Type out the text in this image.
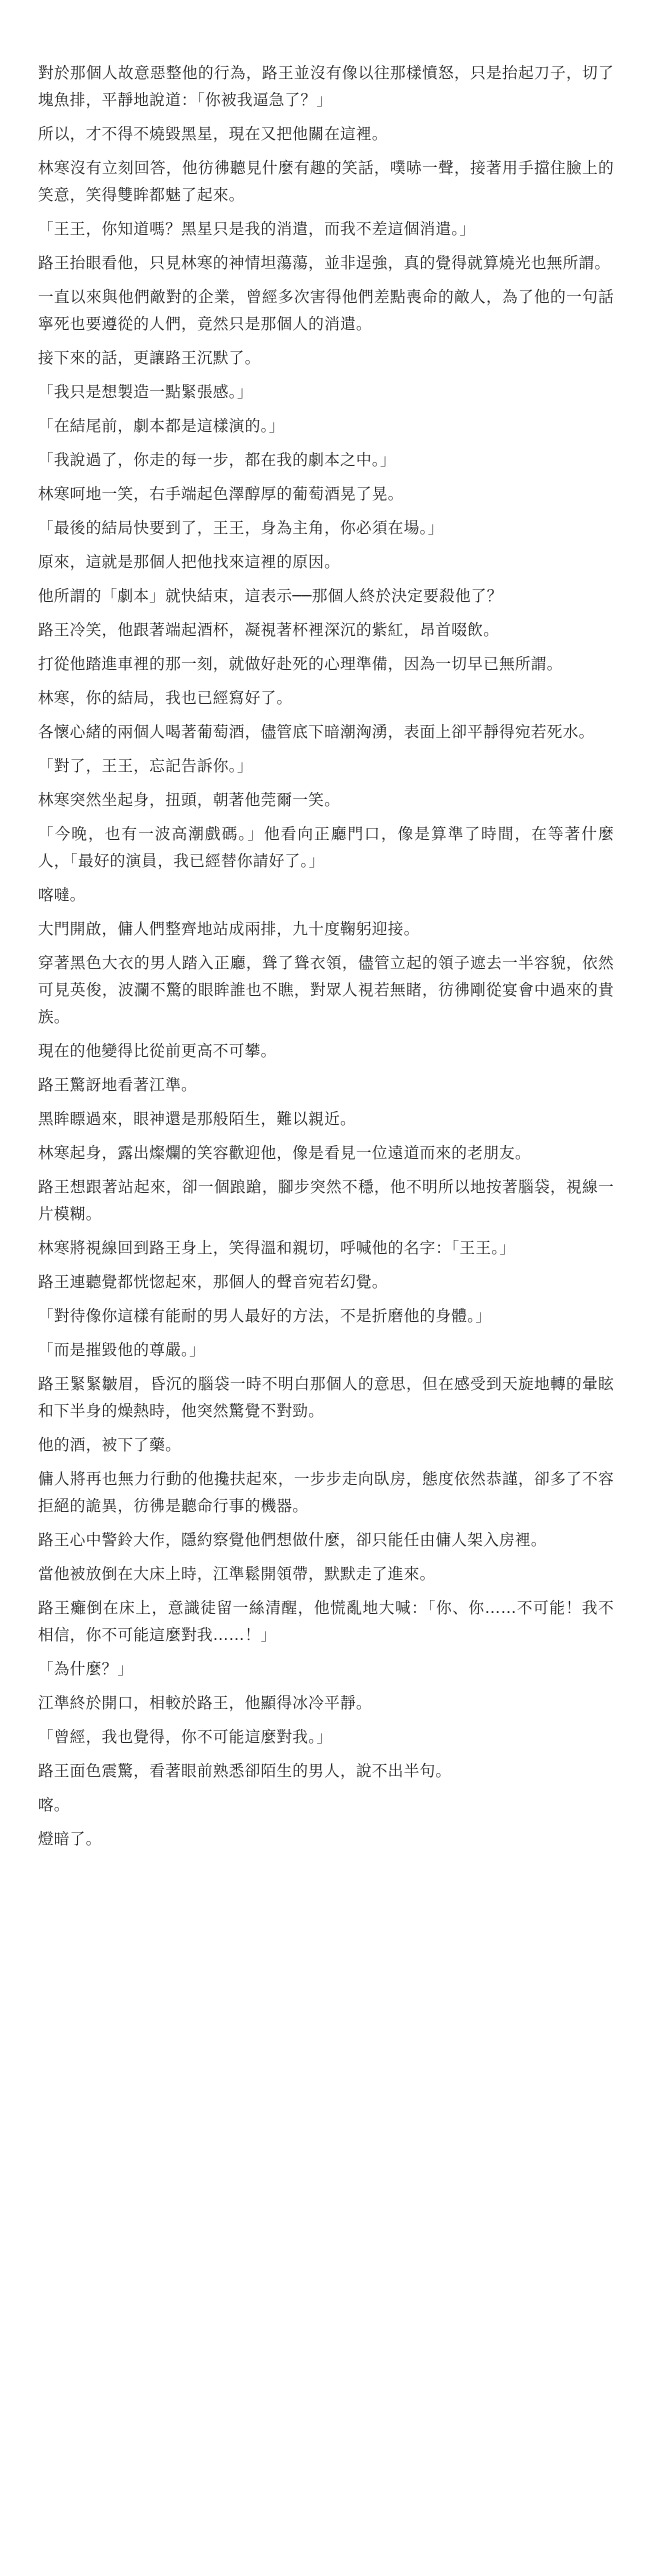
對於那個人故意惡整他的行為，路王並沒有像以往那樣憤怒，只是抬起刀子，切了塊魚排，平靜地說道：「你被我逼急了？」

所以，才不得不燒毀黑星，現在又把他關在這裡。

林寒沒有立刻回答，他彷彿聽見什麼有趣的笑話，噗哧一聲，接著用手擋住臉上的笑意，笑得雙眸都魅了起來。

「王王，你知道嗎？黑星只是我的消遣，而我不差這個消遣。」

路王抬眼看他，只見林寒的神情坦蕩蕩，並非逞強，真的覺得就算燒光也無所謂。

一直以來與他們敵對的企業，曾經多次害得他們差點喪命的敵人，為了他的一句話寧死也要遵從的人們，竟然只是那個人的消遣。

接下來的話，更讓路王沉默了。

「我只是想製造一點緊張感。」

「在結尾前，劇本都是這樣演的。」

「我說過了，你走的每一步，都在我的劇本之中。」

林寒呵地一笑，右手端起色澤醇厚的葡萄酒晃了晃。

「最後的結局快要到了，王王，身為主角，你必須在場。」

原來，這就是那個人把他找來這裡的原因。

他所謂的「劇本」就快結束，這表示──那個人終於決定要殺他了？

路王冷笑，他跟著端起酒杯，凝視著杯裡深沉的紫紅，昂首啜飲。

打從他踏進車裡的那一刻，就做好赴死的心理準備，因為一切早已無所謂。

林寒，你的結局，我也已經寫好了。

各懷心緒的兩個人喝著葡萄酒，儘管底下暗潮洶湧，表面上卻平靜得宛若死水。

「對了，王王，忘記告訴你。」

林寒突然坐起身，扭頭，朝著他莞爾一笑。

「今晚，也有一波高潮戲碼。」他看向正廳門口，像是算準了時間，在等著什麼人，「最好的演員，我已經替你請好了。」

喀噠。

大門開啟，傭人們整齊地站成兩排，九十度鞠躬迎接。

穿著黑色大衣的男人踏入正廳，聳了聳衣領，儘管立起的領子遮去一半容貌，依然可見英俊，波瀾不驚的眼眸誰也不瞧，對眾人視若無睹，彷彿剛從宴會中過來的貴族。

現在的他變得比從前更高不可攀。

路王驚訝地看著江準。

黑眸瞟過來，眼神還是那般陌生，難以親近。

林寒起身，露出燦爛的笑容歡迎他，像是看見一位遠道而來的老朋友。

路王想跟著站起來，卻一個踉蹌，腳步突然不穩，他不明所以地按著腦袋，視線一片模糊。

林寒將視線回到路王身上，笑得溫和親切，呼喊他的名字：「王王。」

路王連聽覺都恍惚起來，那個人的聲音宛若幻覺。

「對待像你這樣有能耐的男人最好的方法，不是折磨他的身體。」

「而是摧毀他的尊嚴。」

路王緊緊皺眉，昏沉的腦袋一時不明白那個人的意思，但在感受到天旋地轉的暈眩和下半身的燥熱時，他突然驚覺不對勁。

他的酒，被下了藥。

傭人將再也無力行動的他攙扶起來，一步步走向臥房，態度依然恭謹，卻多了不容拒絕的詭異，彷彿是聽命行事的機器。

路王心中警鈴大作，隱約察覺他們想做什麼，卻只能任由傭人架入房裡。

當他被放倒在大床上時，江準鬆開領帶，默默走了進來。

路王癱倒在床上，意識徒留一絲清醒，他慌亂地大喊：「你、你……不可能！我不相信，你不可能這麼對我……！」

「為什麼？」

江準終於開口，相較於路王，他顯得冰冷平靜。

「曾經，我也覺得，你不可能這麼對我。」

路王面色震驚，看著眼前熟悉卻陌生的男人，說不出半句。

喀。

燈暗了。
